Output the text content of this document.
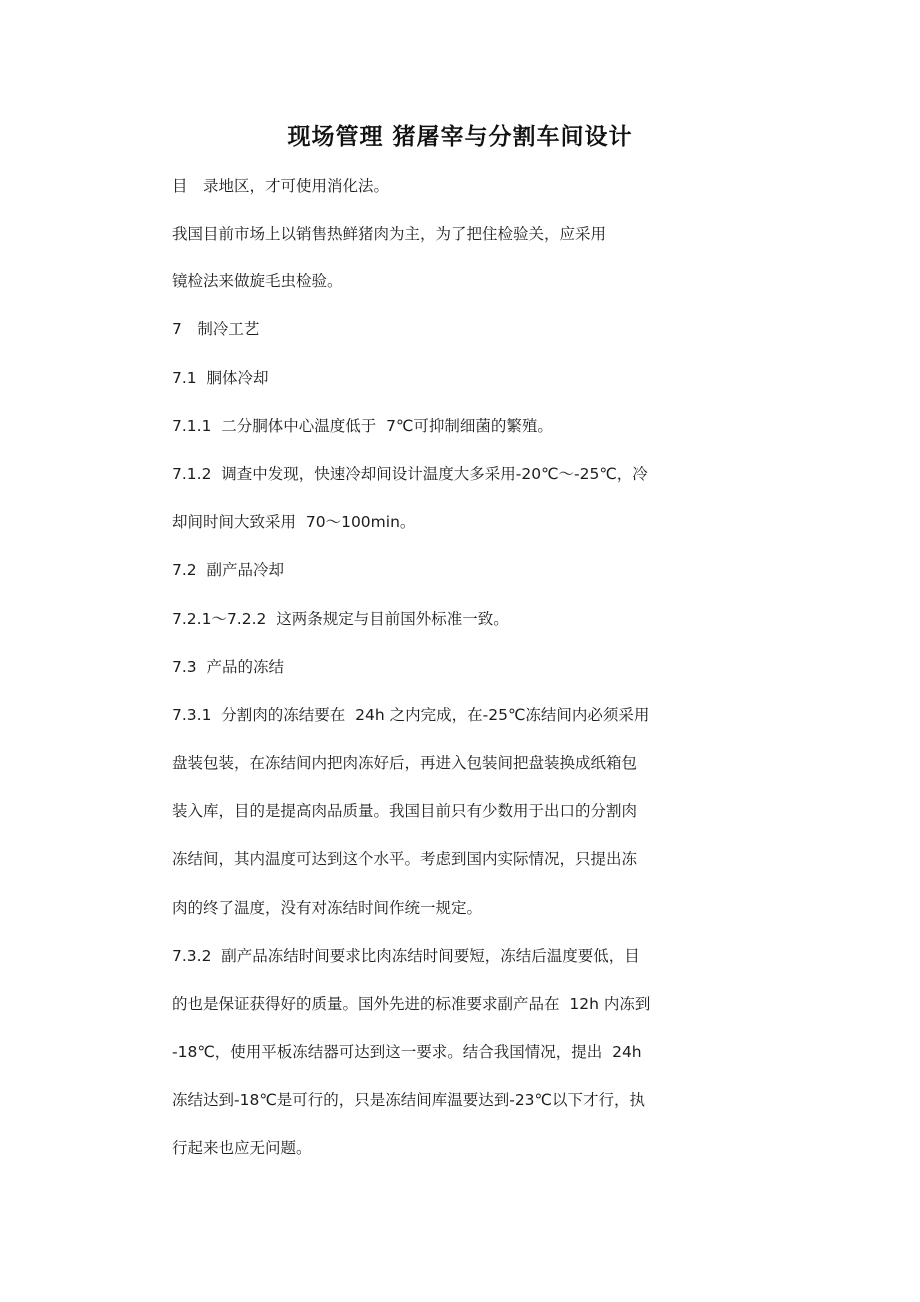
现场管理 猪屠宰与分割车间设计
目　录地区，才可使用消化法。
我国目前市场上以销售热鲜猪肉为主，为了把住检验关，应采用
镜检法来做旋毛虫检验。
7　制冷工艺
7.1  胴体冷却
7.1.1  二分胴体中心温度低于  7℃可抑制细菌的繁殖。
7.1.2  调查中发现，快速冷却间设计温度大多采用-20℃～-25℃，冷
却间时间大致采用  70～100min。
7.2  副产品冷却
7.2.1～7.2.2  这两条规定与目前国外标准一致。
7.3  产品的冻结
7.3.1  分割肉的冻结要在  24h 之内完成，在-25℃冻结间内必须采用
盘装包装，在冻结间内把肉冻好后，再进入包装间把盘装换成纸箱包
装入库，目的是提高肉品质量。我国目前只有少数用于出口的分割肉
冻结间，其内温度可达到这个水平。考虑到国内实际情况，只提出冻
肉的终了温度，没有对冻结时间作统一规定。
7.3.2  副产品冻结时间要求比肉冻结时间要短，冻结后温度要低，目
的也是保证获得好的质量。国外先进的标准要求副产品在  12h 内冻到
-18℃，使用平板冻结器可达到这一要求。结合我国情况，提出  24h
冻结达到-18℃是可行的，只是冻结间库温要达到-23℃以下才行，执
行起来也应无问题。
